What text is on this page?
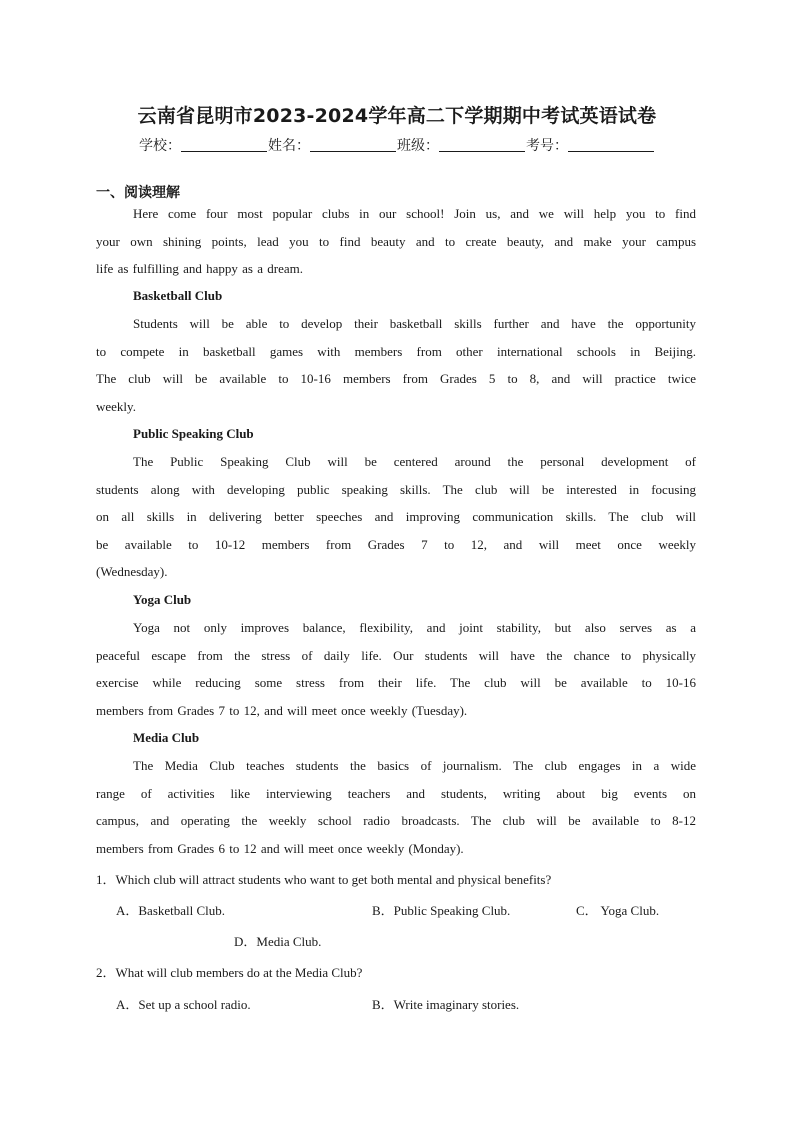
云南省昆明市2023-2024学年高二下学期期中考试英语试卷
学校：	姓名：	班级：	考号：
一、阅读理解
Here come four most popular clubs in our school! Join us, and we will help you to find
your own shining points, lead you to find beauty and to create beauty, and make your campus
life as fulfilling and happy as a dream.
Basketball Club
Students will be able to develop their basketball skills further and have the opportunity
to compete in basketball games with members from other international schools in Beijing.
The club will be available to 10-16 members from Grades 5 to 8, and will practice twice
weekly.
Public Speaking Club
The Public Speaking Club will be centered around the personal development of
students along with developing public speaking skills. The club will be interested in focusing
on all skills in delivering better speeches and improving communication skills. The club will
be available to 10-12 members from Grades 7 to 12, and will meet once weekly
(Wednesday).
Yoga Club
Yoga not only improves balance, flexibility, and joint stability, but also serves as a
peaceful escape from the stress of daily life. Our students will have the chance to physically
exercise while reducing some stress from their life. The club will be available to 10-16
members from Grades 7 to 12, and will meet once weekly (Tuesday).
Media Club
The Media Club teaches students the basics of journalism. The club engages in a wide
range of activities like interviewing teachers and students, writing about big events on
campus, and operating the weekly school radio broadcasts. The club will be available to 8-12
members from Grades 6 to 12 and will meet once weekly (Monday).
1．Which club will attract students who want to get both mental and physical benefits?
A．Basketball Club.	B．Public Speaking Club.	C． Yoga Club.
D．Media Club.
2．What will club members do at the Media Club?
A．Set up a school radio.	B．Write imaginary stories.
